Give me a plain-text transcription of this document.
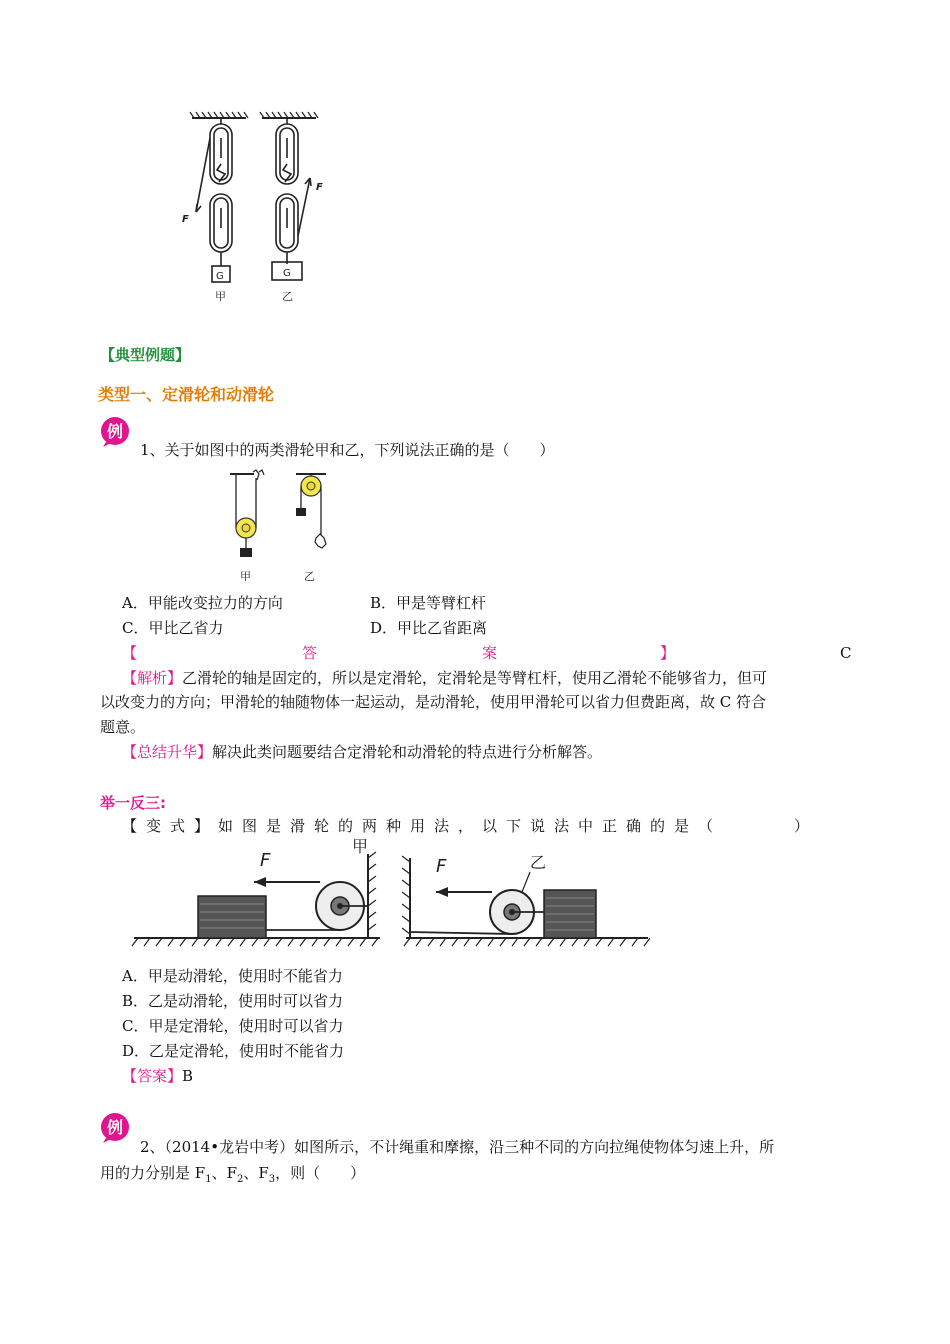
G	G
F
F
甲	乙
【典型例题】
类型一、定滑轮和动滑轮
例
1、关于如图中的两类滑轮甲和乙，下列说法正确的是（　　）
甲	乙
A．甲能改变拉力的方向	B．甲是等臂杠杆
C．甲比乙省力	D．甲比乙省距离
【	答	案	】	C
【解析】乙滑轮的轴是固定的，所以是定滑轮，定滑轮是等臂杠杆，使用乙滑轮不能够省力，但可
以改变力的方向；甲滑轮的轴随物体一起运动，是动滑轮，使用甲滑轮可以省力但费距离，故 C 符合
题意。
【总结升华】解决此类问题要结合定滑轮和动滑轮的特点进行分析解答。
举一反三:
【变式】如图是滑轮的两种用法，以下说法中正确的是（　　　）
F
甲
F	乙
A．甲是动滑轮，使用时不能省力
B．乙是动滑轮，使用时可以省力
C．甲是定滑轮，使用时可以省力
D．乙是定滑轮，使用时不能省力
【答案】B
例
2、（2014•龙岩中考）如图所示，不计绳重和摩擦，沿三种不同的方向拉绳使物体匀速上升，所
用的力分别是 $F_1$、$F_2$、$F_3$，则（　　）
